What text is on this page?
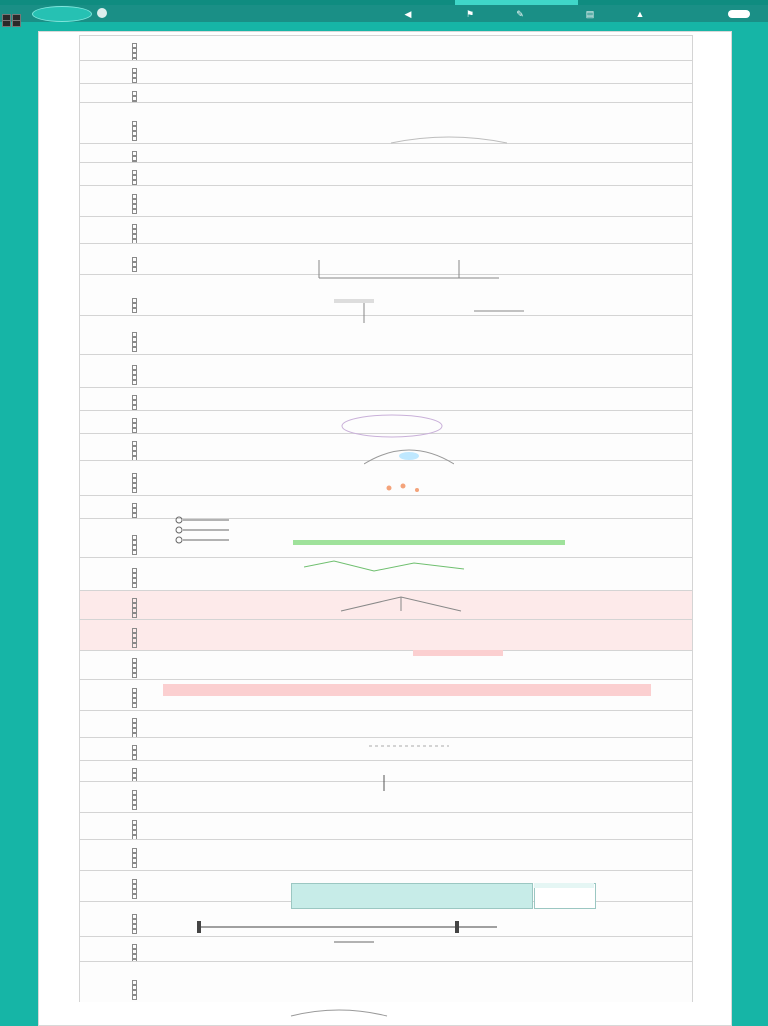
◀	⚑	✎	▤	▲
